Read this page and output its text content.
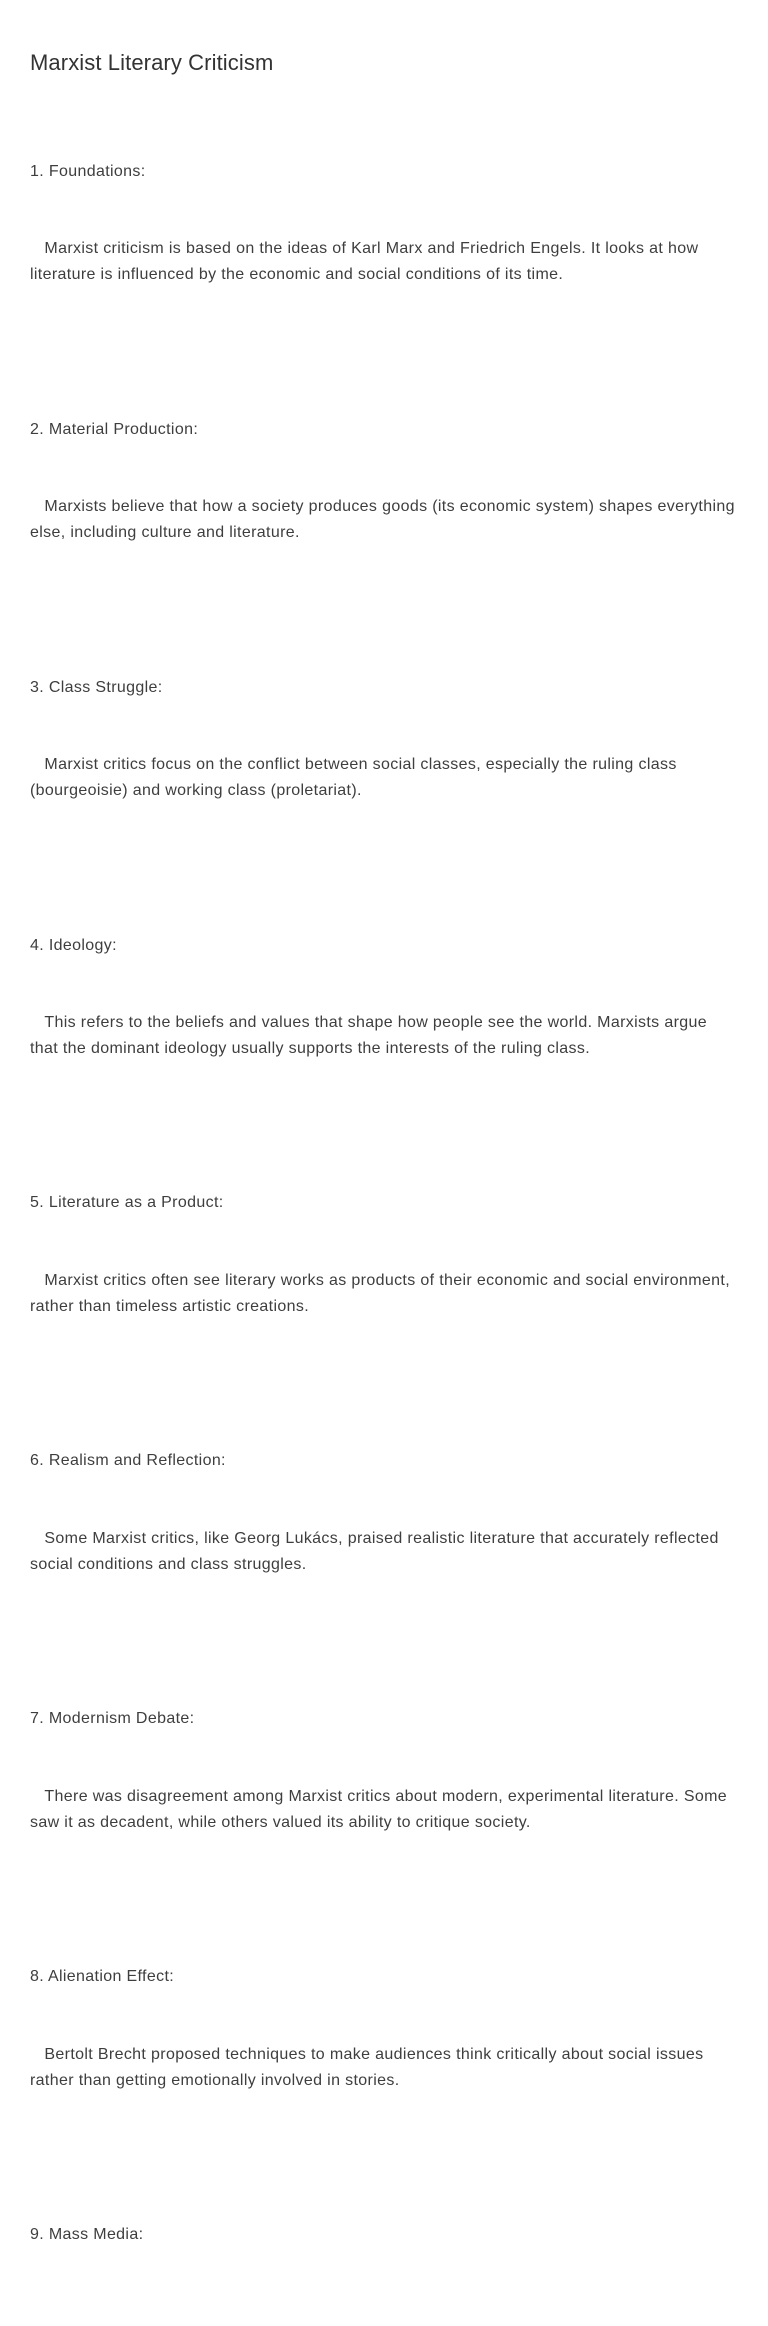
Marxist Literary Criticism

1. Foundations:

Marxist criticism is based on the ideas of Karl Marx and Friedrich Engels. It looks at how literature is influenced by the economic and social conditions of its time.

2. Material Production:

Marxists believe that how a society produces goods (its economic system) shapes everything else, including culture and literature.

3. Class Struggle:

Marxist critics focus on the conflict between social classes, especially the ruling class (bourgeoisie) and working class (proletariat).

4. Ideology:

This refers to the beliefs and values that shape how people see the world. Marxists argue that the dominant ideology usually supports the interests of the ruling class.

5. Literature as a Product:

Marxist critics often see literary works as products of their economic and social environment, rather than timeless artistic creations.

6. Realism and Reflection:

Some Marxist critics, like Georg Lukács, praised realistic literature that accurately reflected social conditions and class struggles.

7. Modernism Debate:

There was disagreement among Marxist critics about modern, experimental literature. Some saw it as decadent, while others valued its ability to critique society.

8. Alienation Effect:

Bertolt Brecht proposed techniques to make audiences think critically about social issues rather than getting emotionally involved in stories.

9. Mass Media:
